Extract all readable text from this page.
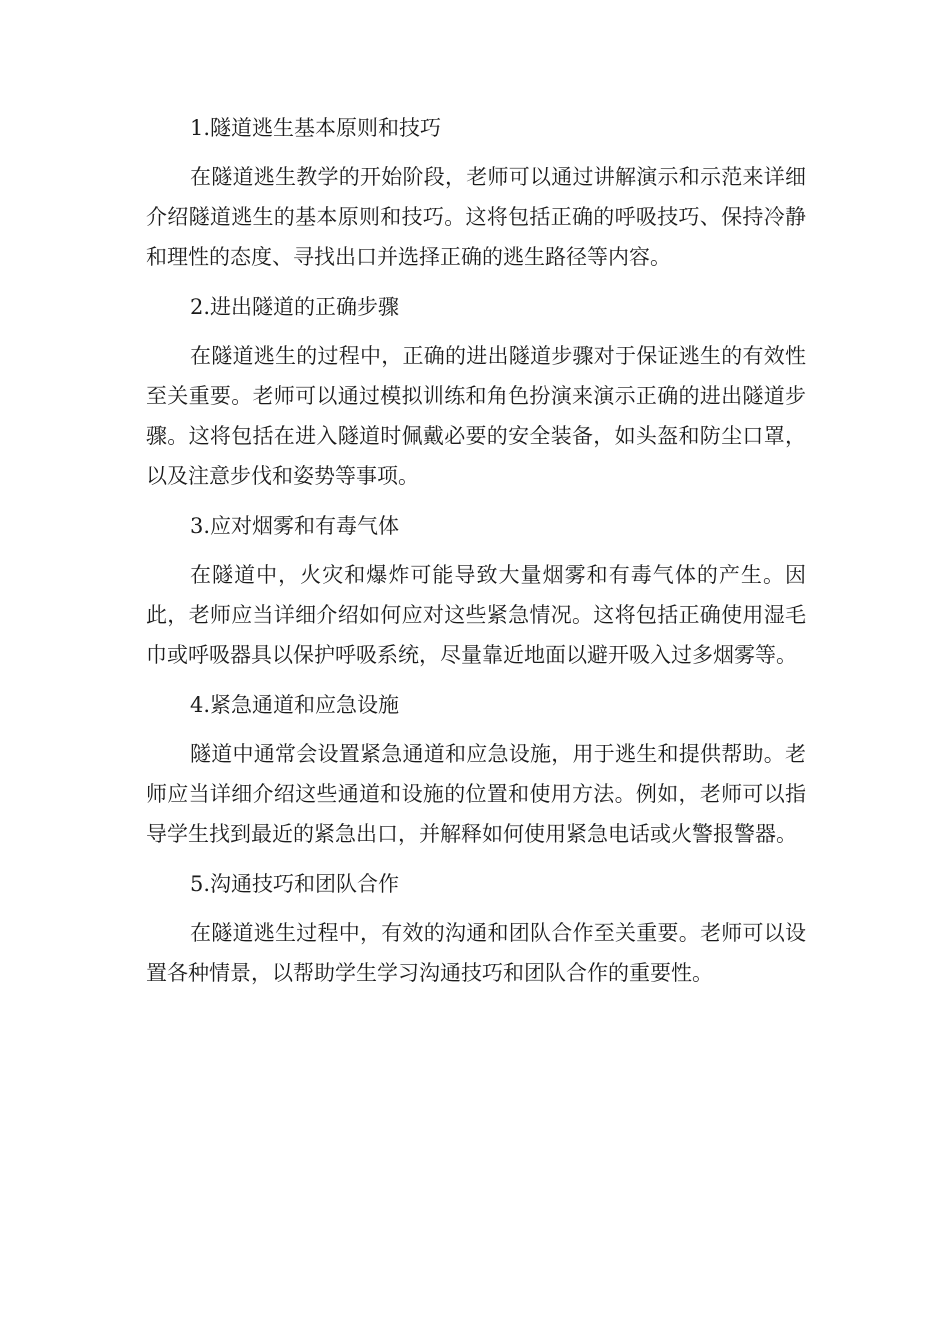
1.隧道逃生基本原则和技巧

在隧道逃生教学的开始阶段，老师可以通过讲解演示和示范来详细介绍隧道逃生的基本原则和技巧。这将包括正确的呼吸技巧、保持冷静和理性的态度、寻找出口并选择正确的逃生路径等内容。

2.进出隧道的正确步骤

在隧道逃生的过程中，正确的进出隧道步骤对于保证逃生的有效性至关重要。老师可以通过模拟训练和角色扮演来演示正确的进出隧道步骤。这将包括在进入隧道时佩戴必要的安全装备，如头盔和防尘口罩，以及注意步伐和姿势等事项。

3.应对烟雾和有毒气体

在隧道中，火灾和爆炸可能导致大量烟雾和有毒气体的产生。因此，老师应当详细介绍如何应对这些紧急情况。这将包括正确使用湿毛巾或呼吸器具以保护呼吸系统，尽量靠近地面以避开吸入过多烟雾等。

4.紧急通道和应急设施

隧道中通常会设置紧急通道和应急设施，用于逃生和提供帮助。老师应当详细介绍这些通道和设施的位置和使用方法。例如，老师可以指导学生找到最近的紧急出口，并解释如何使用紧急电话或火警报警器。

5.沟通技巧和团队合作

在隧道逃生过程中，有效的沟通和团队合作至关重要。老师可以设置各种情景，以帮助学生学习沟通技巧和团队合作的重要性。
